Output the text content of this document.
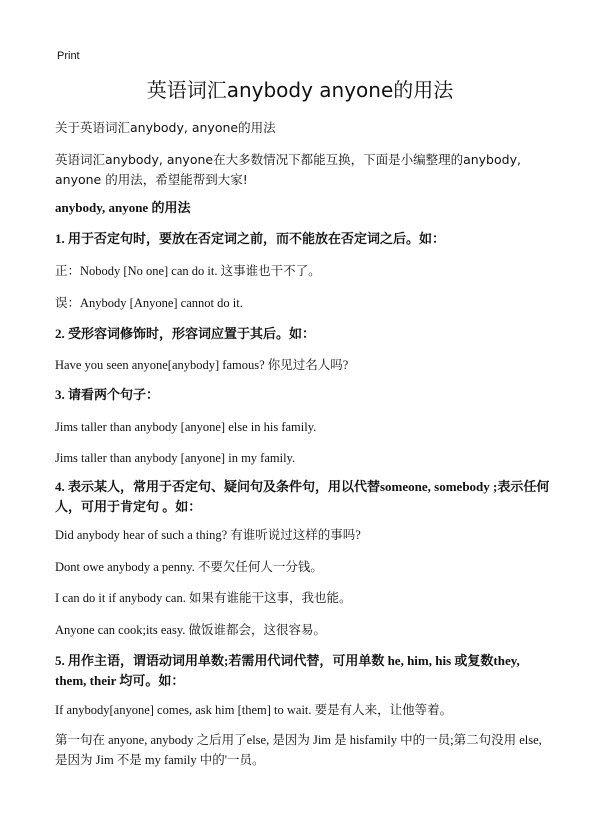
Print
英语词汇anybody anyone的用法
关于英语词汇anybody, anyone的用法
英语词汇anybody, anyone在大多数情况下都能互换，下面是小编整理的anybody, anyone 的用法，希望能帮到大家!
anybody, anyone 的用法
1. 用于否定句时，要放在否定词之前，而不能放在否定词之后。如：
正：Nobody [No one] can do it. 这事谁也干不了。
误：Anybody [Anyone] cannot do it.
2. 受形容词修饰时，形容词应置于其后。如：
Have you seen anyone[anybody] famous? 你见过名人吗?
3. 请看两个句子：
Jims taller than anybody [anyone] else in his family.
Jims taller than anybody [anyone] in my family.
4. 表示某人，常用于否定句、疑问句及条件句，用以代替someone, somebody ;表示任何人，可用于肯定句 。如：
Did anybody hear of such a thing? 有谁听说过这样的事吗?
Dont owe anybody a penny. 不要欠任何人一分钱。
I can do it if anybody can. 如果有谁能干这事，我也能。
Anyone can cook;its easy. 做饭谁都会，这很容易。
5. 用作主语，谓语动词用单数;若需用代词代替，可用单数 he, him, his 或复数they, them, their 均可。如：
If anybody[anyone] comes, ask him [them] to wait. 要是有人来，让他等着。
第一句在 anyone, anybody 之后用了else, 是因为 Jim 是 hisfamily 中的一员;第二句没用 else, 是因为 Jim 不是 my family 中的'一员。
